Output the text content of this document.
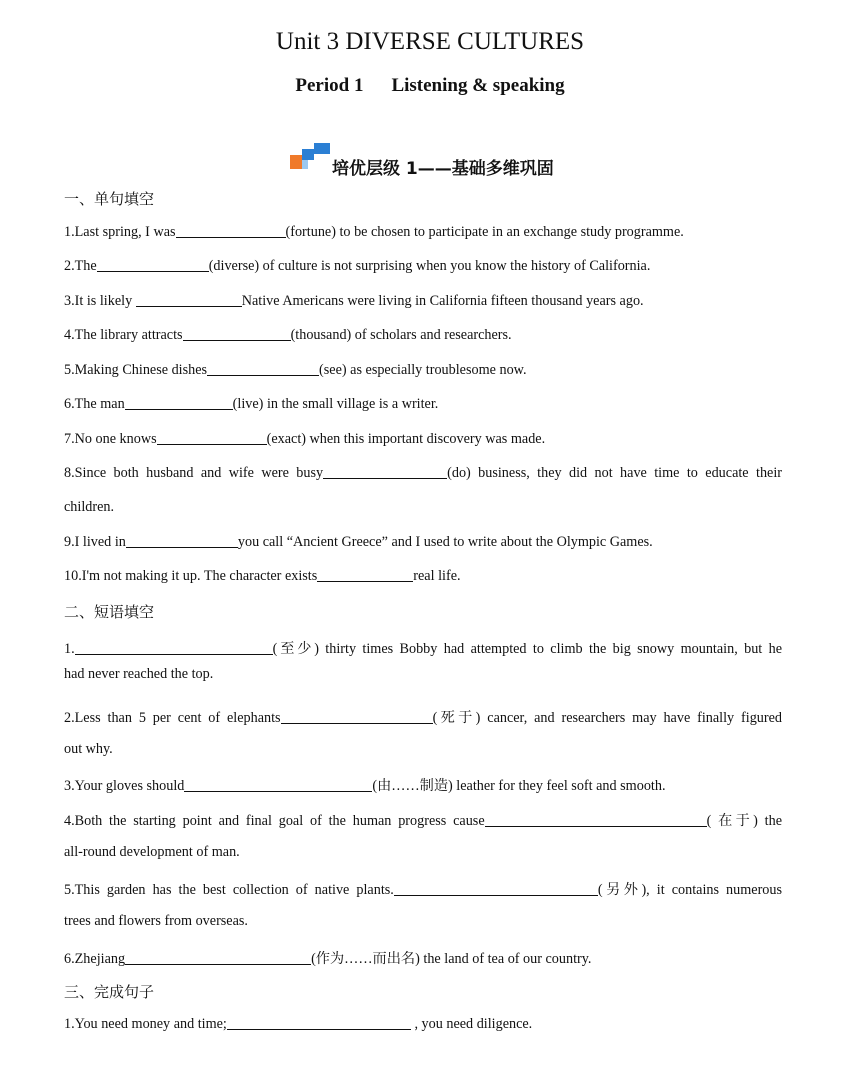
Unit 3 DIVERSE CULTURES
Period 1 Listening & speaking
培优层级 1——基础多维巩固
一、单句填空
1.Last spring, I was	(fortune) to be chosen to participate in an exchange study programme.
2.The	(diverse) of culture is not surprising when you know the history of California.
3.It is likely	Native Americans were living in California fifteen thousand years ago.
4.The library attracts	(thousand) of scholars and researchers.
5.Making Chinese dishes	(see) as especially troublesome now.
6.The man	(live) in the small village is a writer.
7.No one knows	(exact) when this important discovery was made.
8.Since both husband and wife were busy	(do) business, they did not have time to educate their
children.
9.I lived in	you call “Ancient Greece” and I used to write about the Olympic Games.
10.I'm not making it up. The character exists	real life.
二、短语填空
1.	(至少) thirty times Bobby had attempted to climb the big snowy mountain, but he
had never reached the top.
2.Less than 5 per cent of elephants	(死于) cancer, and researchers may have finally figured
out why.
3.Your gloves should	(由……制造) leather for they feel soft and smooth.
4.Both the starting point and final goal of the human progress cause	( 在于) the
all-round development of man.
5.This garden has the best collection of native plants.	(另外), it contains numerous
trees and flowers from overseas.
6.Zhejiang	(作为……而出名) the land of tea of our country.
三、完成句子
1.You need money and time;	, you need diligence.
